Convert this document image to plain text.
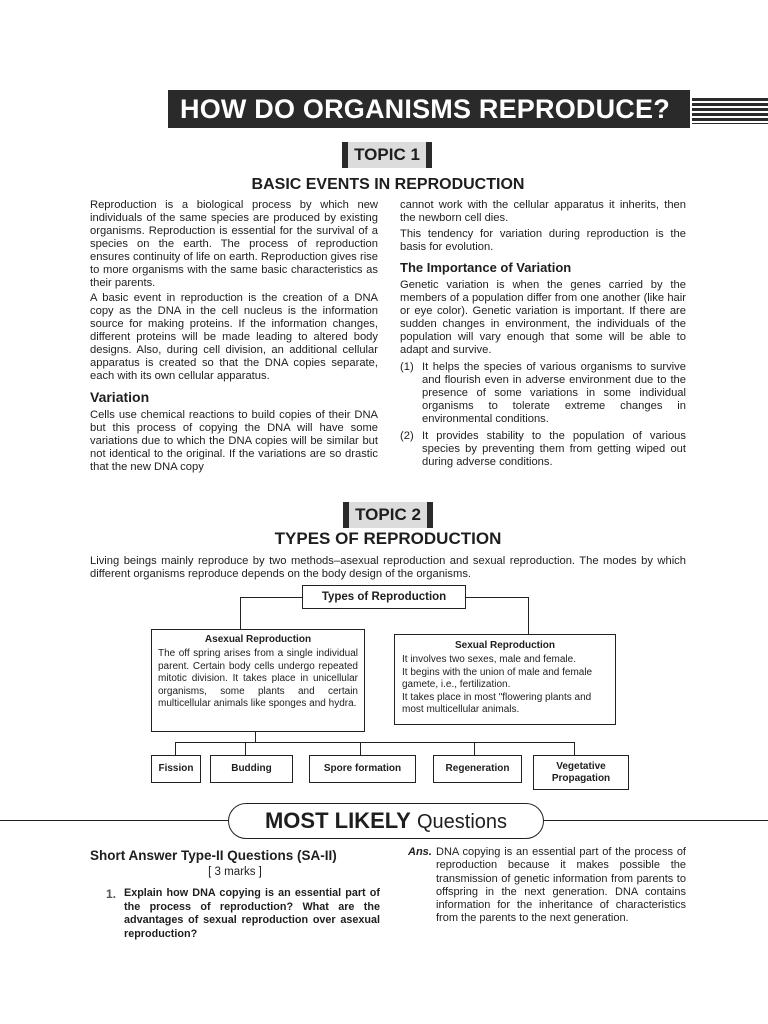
HOW DO ORGANISMS REPRODUCE?
TOPIC 1
BASIC EVENTS IN REPRODUCTION

Reproduction is a biological process by which new individuals of the same species are produced by existing organisms. Reproduction is essential for the survival of a species on the earth. The process of reproduction ensures continuity of life on earth. Reproduction gives rise to more organisms with the same basic characteristics as their parents.

A basic event in reproduction is the creation of a DNA copy as the DNA in the cell nucleus is the information source for making proteins. If the information changes, different proteins will be made leading to altered body designs. Also, during cell division, an additional cellular apparatus is created so that the DNA copies separate, each with its own cellular apparatus.

Variation

Cells use chemical reactions to build copies of their DNA but this process of copying the DNA will have some variations due to which the DNA copies will be similar but not identical to the original. If the variations are so drastic that the new DNA copy

cannot work with the cellular apparatus it inherits, then the newborn cell dies.

This tendency for variation during reproduction is the basis for evolution.

The Importance of Variation

Genetic variation is when the genes carried by the members of a population differ from one another (like hair or eye color). Genetic variation is important. If there are sudden changes in environment, the individuals of the population will vary enough that some will be able to adapt and survive.

(1) It helps the species of various organisms to survive and flourish even in adverse environment due to the presence of some variations in some individual organisms to tolerate extreme changes in environmental conditions.
(2) It provides stability to the population of various species by preventing them from getting wiped out during adverse conditions.
TOPIC 2
TYPES OF REPRODUCTION

Living beings mainly reproduce by two methods–asexual reproduction and sexual reproduction. The modes by which different organisms reproduce depends on the body design of the organisms.

Types of Reproduction
Asexual Reproduction
The off spring arises from a single individual parent. Certain body cells undergo repeated mitotic division. It takes place in unicellular organisms, some plants and certain multicellular animals like sponges and hydra.
Sexual Reproduction
It involves two sexes, male and female.
It begins with the union of male and female gamete, i.e., fertilization.
It takes place in most "flowering plants and most multicellular animals.
Fission	Budding	Spore formation	Regeneration	Vegetative Propagation
MOST LIKELY Questions
Short Answer Type-II Questions (SA-II)
[ 3 marks ]
1. Explain how DNA copying is an essential part of the process of reproduction? What are the advantages of sexual reproduction over asexual reproduction?
Ans. DNA copying is an essential part of the process of reproduction because it makes possible the transmission of genetic information from parents to offspring in the next generation. DNA contains information for the inheritance of characteristics from the parents to the next generation.
